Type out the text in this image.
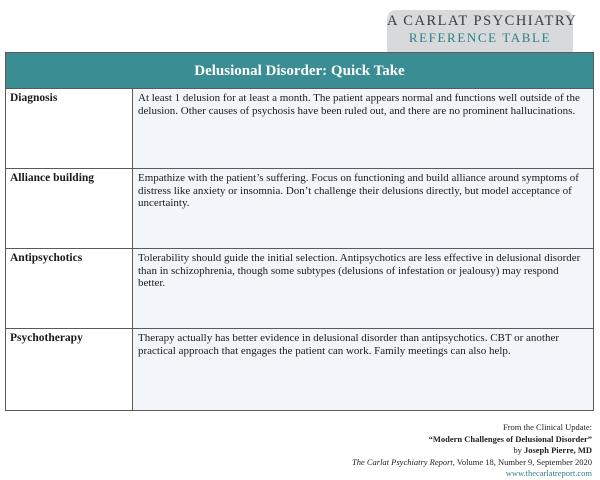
A CARLAT PSYCHIATRY
REFERENCE TABLE
Delusional Disorder: Quick Take
Diagnosis	At least 1 delusion for at least a month. The patient appears normal and functions well outside of the delusion. Other causes of psychosis have been ruled out, and there are no prominent hallucinations.
Alliance building	Empathize with the patient’s suffering. Focus on functioning and build alliance around symptoms of distress like anxiety or insomnia. Don’t challenge their delusions directly, but model acceptance of uncertainty.
Antipsychotics	Tolerability should guide the initial selection. Antipsychotics are less effective in delusional disorder than in schizophrenia, though some subtypes (delusions of infestation or jealousy) may respond better.
Psychotherapy	Therapy actually has better evidence in delusional disorder than antipsychotics. CBT or another practical approach that engages the patient can work. Family meetings can also help.
From the Clinical Update:
“Modern Challenges of Delusional Disorder”
by Joseph Pierre, MD
The Carlat Psychiatry Report, Volume 18, Number 9, September 2020
www.thecarlatreport.com
